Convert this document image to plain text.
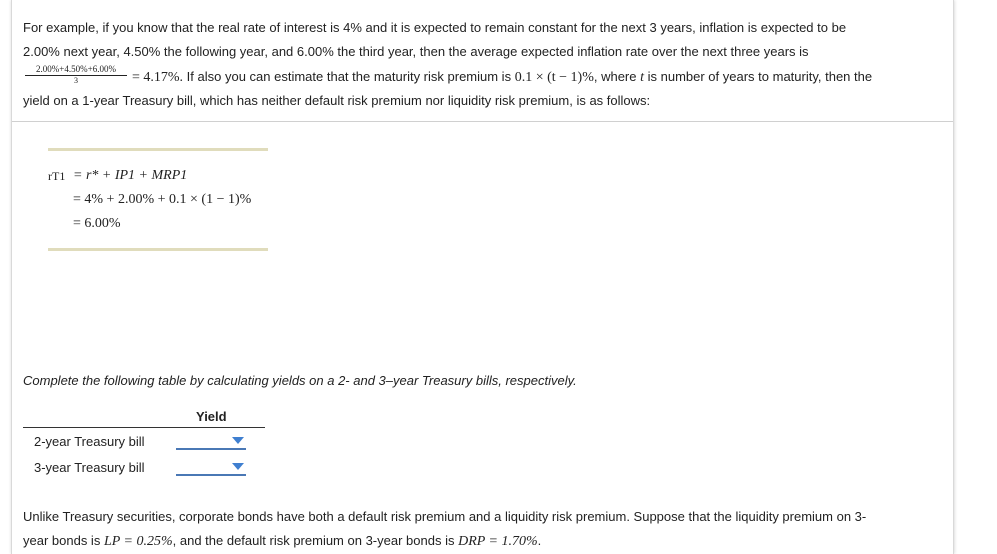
For example, if you know that the real rate of interest is 4% and it is expected to remain constant for the next 3 years, inflation is expected to be
2.00% next year, 4.50% the following year, and 6.00% the third year, then the average expected inflation rate over the next three years is
$\frac{2.00\%+4.50\%+6.00\%}{3} = 4.17\%$. If also you can estimate that the maturity risk premium is 0.1 × (t − 1)%, where t is number of years to maturity, then the
yield on a 1-year Treasury bill, which has neither default risk premium nor liquidity risk premium, is as follows:
rT1 = r* + IP1 + MRP1
= 4% + 2.00% + 0.1 × (1 − 1)%
= 6.00%
Complete the following table by calculating yields on a 2- and 3–year Treasury bills, respectively.
Yield
2-year Treasury bill
3-year Treasury bill
Unlike Treasury securities, corporate bonds have both a default risk premium and a liquidity risk premium. Suppose that the liquidity premium on 3-
year bonds is LP = 0.25%, and the default risk premium on 3-year bonds is DRP = 1.70%.
